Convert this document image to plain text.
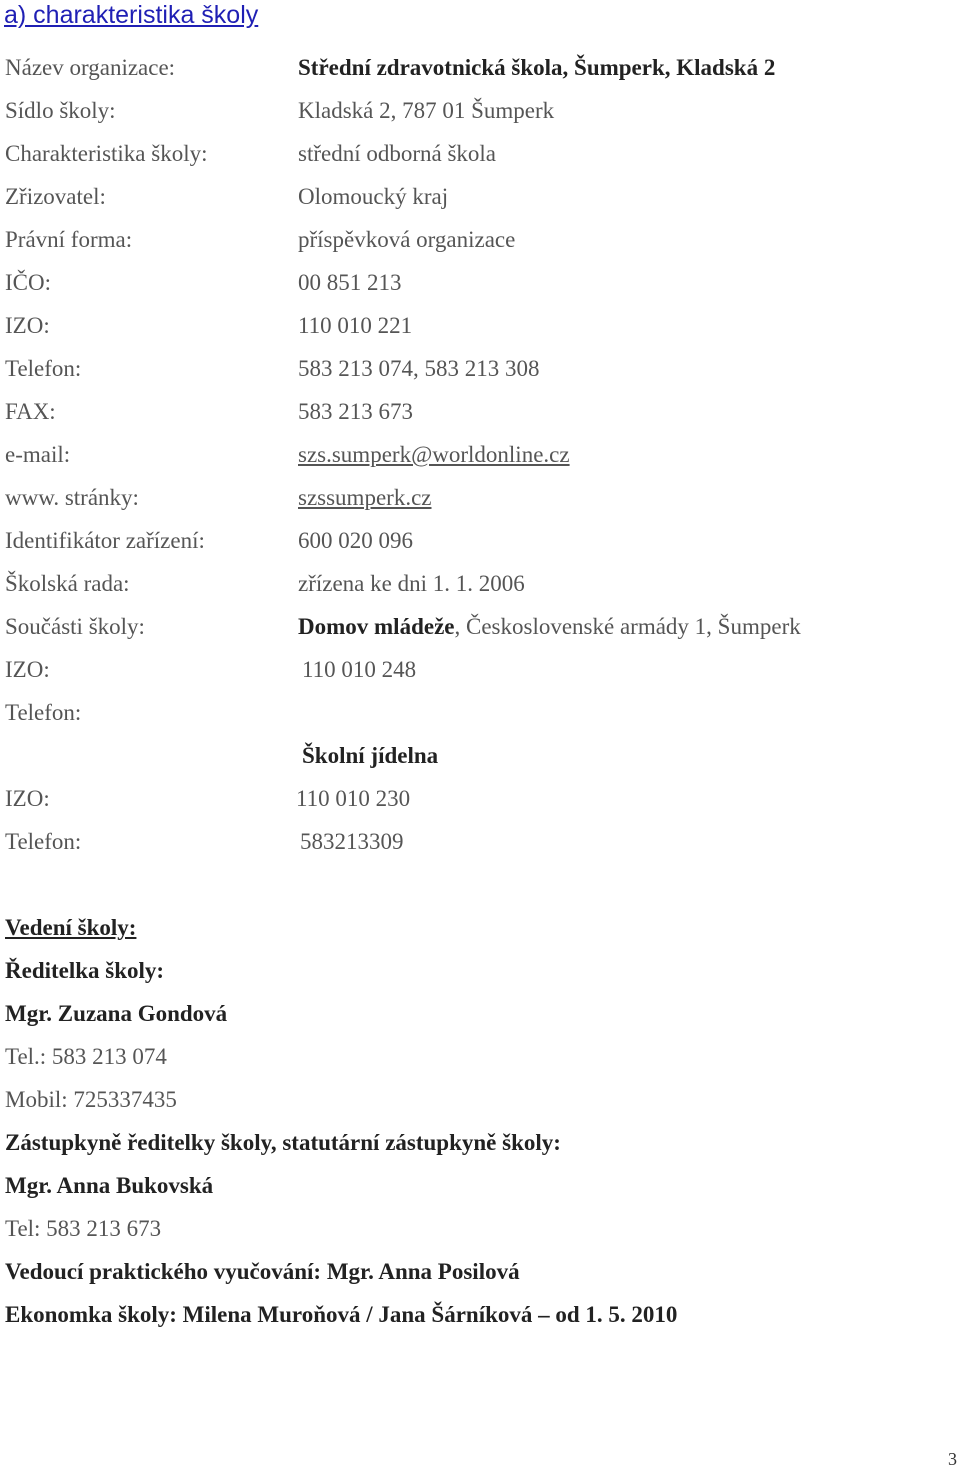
a) charakteristika školy
Název organizace:	Střední zdravotnická škola, Šumperk, Kladská 2
Sídlo školy:	Kladská 2, 787 01 Šumperk
Charakteristika školy:	střední odborná škola
Zřizovatel:	Olomoucký kraj
Právní forma:	příspěvková organizace
IČO:	00 851 213
IZO:	110 010 221
Telefon:	583 213 074, 583 213 308
FAX:	583 213 673
e-mail:	szs.sumperk@worldonline.cz
www. stránky:	szssumperk.cz
Identifikátor zařízení:	600 020 096
Školská rada:	zřízena ke dni 1. 1. 2006
Součásti školy:	Domov mládeže, Československé armády 1, Šumperk
IZO:	110 010 248
Telefon:
Školní jídelna
IZO:	110 010 230
Telefon:	583213309
Vedení školy:
Ředitelka školy:
Mgr. Zuzana Gondová
Tel.: 583 213 074
Mobil: 725337435
Zástupkyně ředitelky školy, statutární zástupkyně školy:
Mgr. Anna Bukovská
Tel: 583 213 673
Vedoucí praktického vyučování: Mgr. Anna Posilová
Ekonomka školy: Milena Muroňová / Jana Šárníková – od 1. 5. 2010
3
